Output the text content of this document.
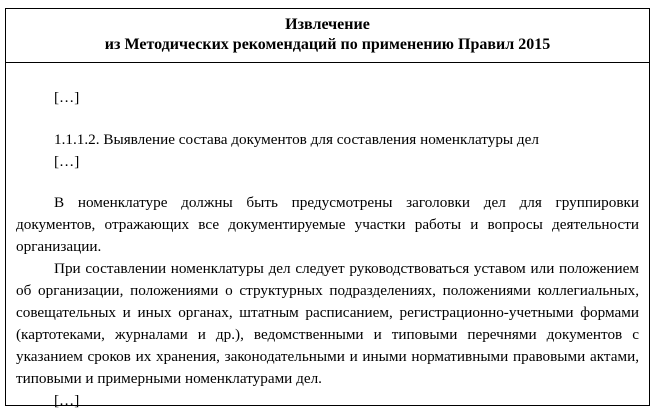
Извлечение
из Методических рекомендаций по применению Правил 2015

[…]

1.1.1.2. Выявление состава документов для составления номенклатуры дел

[…]

В номенклатуре должны быть предусмотрены заголовки дел для группировки документов, отражающих все документируемые участки работы и вопросы деятельности организации.

При составлении номенклатуры дел следует руководствоваться уставом или положением об организации, положениями о структурных подразделениях, положениями коллегиальных, совещательных и иных органах, штатным расписанием, регистрационно-учетными формами (картотеками, журналами и др.), ведомственными и типовыми перечнями документов с указанием сроков их хранения, законодательными и иными нормативными правовыми актами, типовыми и примерными номенклатурами дел.

[…]
